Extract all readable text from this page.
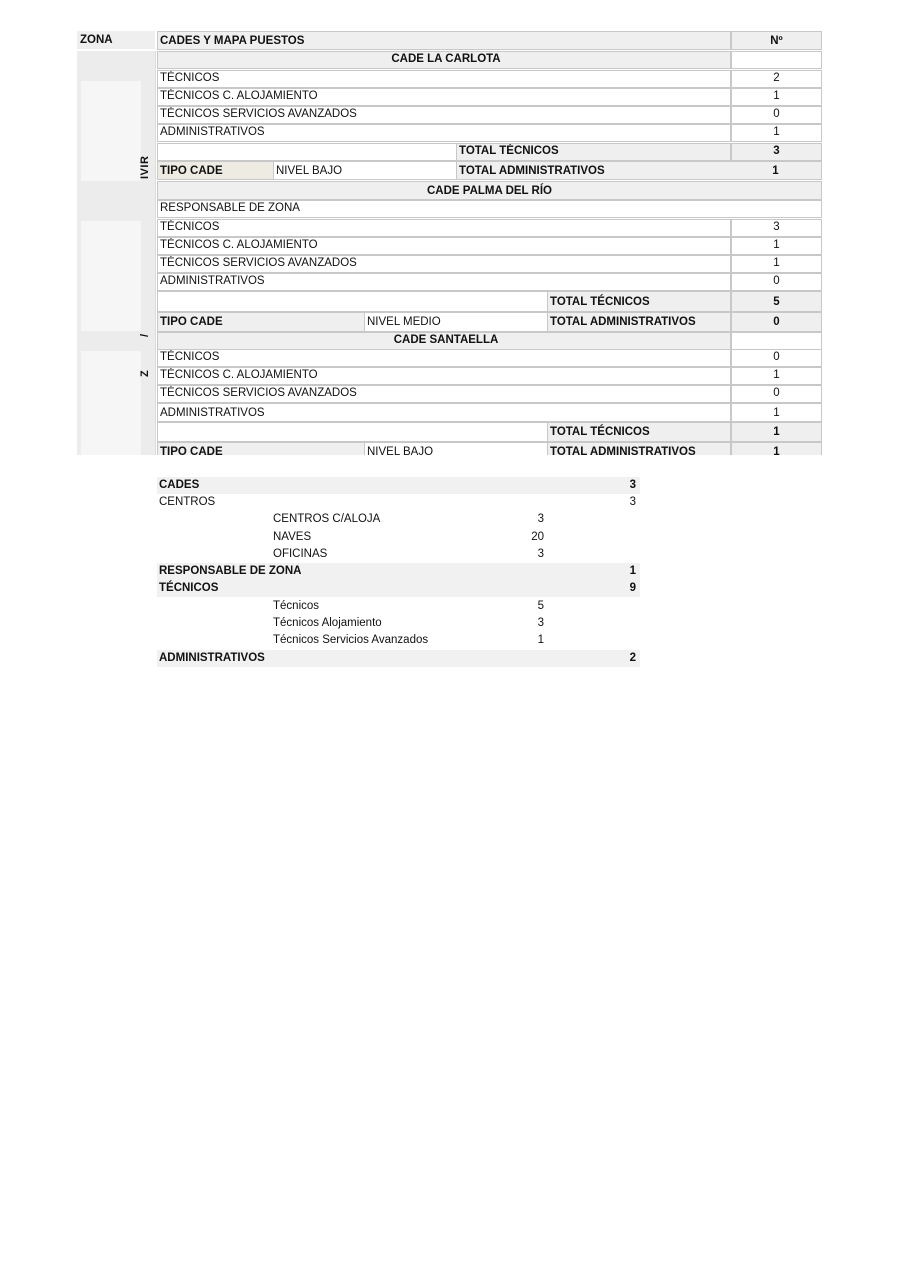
ZONA
IVIR
/
Z
CADES Y MAPA PUESTOS	Nº
CADE LA CARLOTA
TÉCNICOS	2
TÉCNICOS C. ALOJAMIENTO	1
TÉCNICOS SERVICIOS AVANZADOS	0
ADMINISTRATIVOS	1
TOTAL TÉCNICOS	3
TIPO CADE	NIVEL BAJO	TOTAL ADMINISTRATIVOS	1
CADE PALMA DEL RÍO
RESPONSABLE DE ZONA
TÉCNICOS	3
TÉCNICOS C. ALOJAMIENTO	1
TÉCNICOS SERVICIOS AVANZADOS	1
ADMINISTRATIVOS	0
TOTAL TÉCNICOS	5
TIPO CADE	NIVEL MEDIO	TOTAL ADMINISTRATIVOS	0
CADE SANTAELLA
TÉCNICOS	0
TÉCNICOS C. ALOJAMIENTO	1
TÉCNICOS SERVICIOS AVANZADOS	0
ADMINISTRATIVOS	1
TOTAL TÉCNICOS	1
TIPO CADE	NIVEL BAJO	TOTAL ADMINISTRATIVOS	1
CADES	3
CENTROS	3
CENTROS C/ALOJA	3
NAVES	20
OFICINAS	3
RESPONSABLE DE ZONA	1
TÉCNICOS	9
Técnicos	5
Técnicos Alojamiento	3
Técnicos Servicios Avanzados	1
ADMINISTRATIVOS	2
